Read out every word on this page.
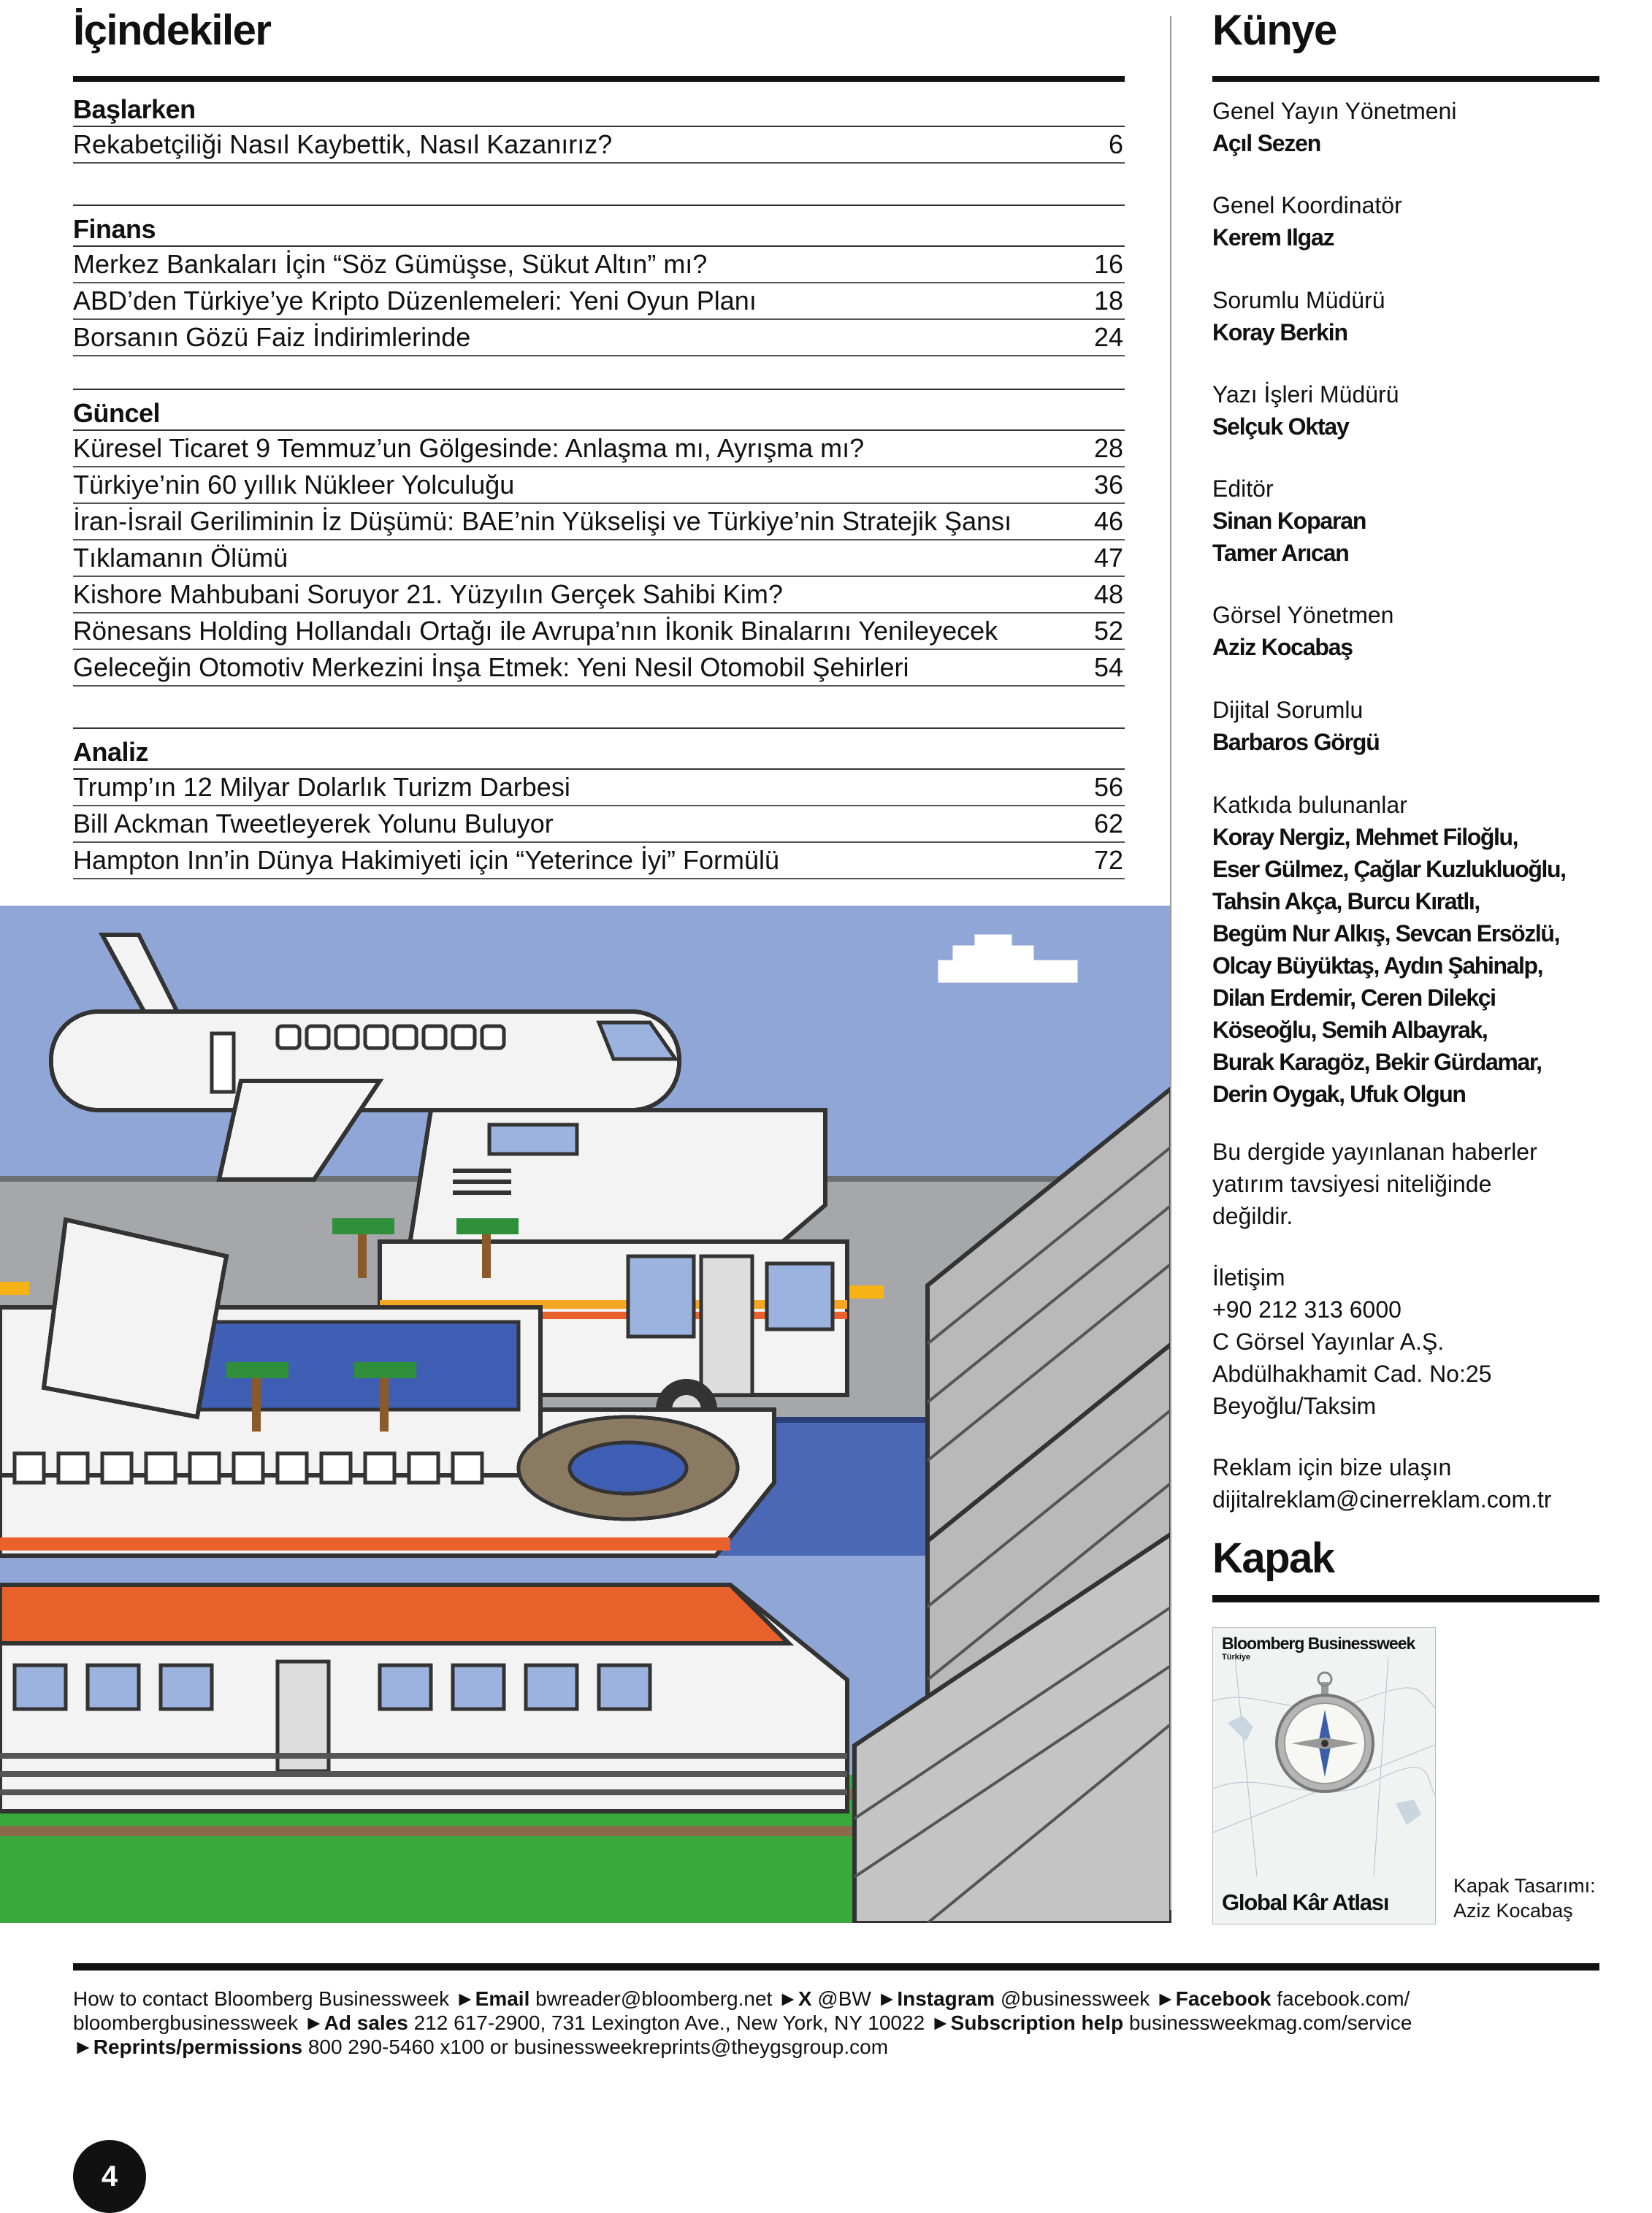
İçindekiler
Başlarken
Rekabetçiliği Nasıl Kaybettik, Nasıl Kazanırız?	6
Finans
Merkez Bankaları İçin “Söz Gümüşse, Sükut Altın” mı?	16
ABD’den Türkiye’ye Kripto Düzenlemeleri: Yeni Oyun Planı	18
Borsanın Gözü Faiz İndirimlerinde	24
Güncel
Küresel Ticaret 9 Temmuz’un Gölgesinde: Anlaşma mı, Ayrışma mı?	28
Türkiye’nin 60 yıllık Nükleer Yolculuğu	36
İran-İsrail Geriliminin İz Düşümü: BAE’nin Yükselişi ve Türkiye’nin Stratejik Şansı	46
Tıklamanın Ölümü	47
Kishore Mahbubani Soruyor 21. Yüzyılın Gerçek Sahibi Kim?	48
Rönesans Holding Hollandalı Ortağı ile Avrupa’nın İkonik Binalarını Yenileyecek	52
Geleceğin Otomotiv Merkezini İnşa Etmek: Yeni Nesil Otomobil Şehirleri	54
Analiz
Trump’ın 12 Milyar Dolarlık Turizm Darbesi	56
Bill Ackman Tweetleyerek Yolunu Buluyor	62
Hampton Inn’in Dünya Hakimiyeti için “Yeterince İyi” Formülü	72
Künye
Genel Yayın Yönetmeni
Açıl Sezen
Genel Koordinatör
Kerem Ilgaz
Sorumlu Müdürü
Koray Berkin
Yazı İşleri Müdürü
Selçuk Oktay
Editör
Sinan Koparan
Tamer Arıcan
Görsel Yönetmen
Aziz Kocabaş
Dijital Sorumlu
Barbaros Görgü
Katkıda bulunanlar
Koray Nergiz, Mehmet Filoğlu,
Eser Gülmez, Çağlar Kuzlukluoğlu,
Tahsin Akça, Burcu Kıratlı,
Begüm Nur Alkış, Sevcan Ersözlü,
Olcay Büyüktaş, Aydın Şahinalp,
Dilan Erdemir, Ceren Dilekçi
Köseoğlu, Semih Albayrak,
Burak Karagöz, Bekir Gürdamar,
Derin Oygak, Ufuk Olgun
Bu dergide yayınlanan haberler
yatırım tavsiyesi niteliğinde
değildir.
İletişim
+90 212 313 6000
C Görsel Yayınlar A.Ş.
Abdülhakhamit Cad. No:25
Beyoğlu/Taksim
Reklam için bize ulaşın
dijitalreklam@cinerreklam.com.tr
Kapak
Bloomberg Businessweek
Türkiye
Global Kâr Atlası
Kapak Tasarımı:
Aziz Kocabaş
How to contact Bloomberg Businessweek ►Email bwreader@bloomberg.net ►X @BW ►Instagram @businessweek ►Facebook facebook.com/
bloombergbusinessweek ►Ad sales 212 617-2900, 731 Lexington Ave., New York, NY 10022 ►Subscription help businessweekmag.com/service
►Reprints/permissions 800 290-5460 x100 or businessweekreprints@theygsgroup.com
4
